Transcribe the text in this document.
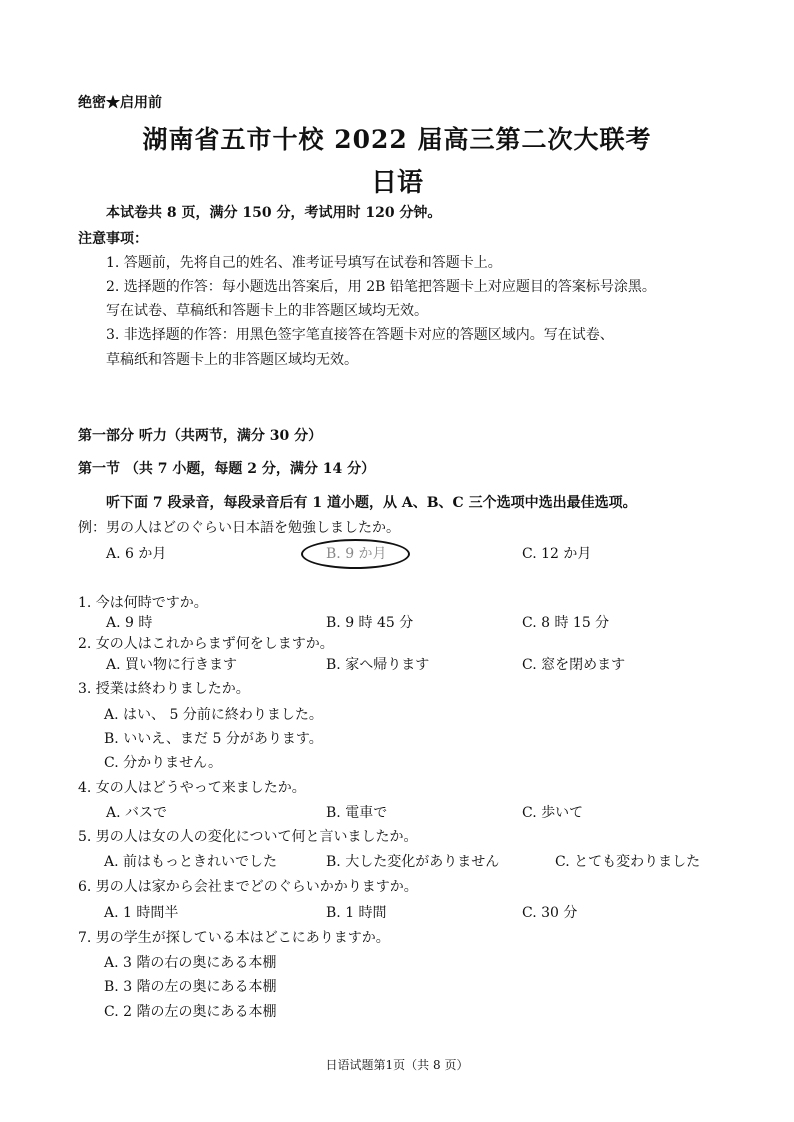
绝密★启用前
湖南省五市十校 2022 届高三第二次大联考
日语
本试卷共 8 页，满分 150 分，考试用时 120 分钟。
注意事项：
1. 答题前，先将自己的姓名、准考证号填写在试卷和答题卡上。
2. 选择题的作答：每小题选出答案后，用 2B 铅笔把答题卡上对应题目的答案标号涂黑。
写在试卷、草稿纸和答题卡上的非答题区域均无效。
3. 非选择题的作答：用黑色签字笔直接答在答题卡对应的答题区域内。写在试卷、
草稿纸和答题卡上的非答题区域均无效。
第一部分 听力（共两节，满分 30 分）
第一节 （共 7 小题，每题 2 分，满分 14 分）
听下面 7 段录音，每段录音后有 1 道小题，从 A、B、C 三个选项中选出最佳选项。
例：男の人はどのぐらい日本語を勉強しましたか。
A. 6 か月	B. 9 か月	C. 12 か月
1. 今は何時ですか。
A. 9 時	B. 9 時 45 分	C. 8 時 15 分
2. 女の人はこれからまず何をしますか。
A. 買い物に行きます	B. 家へ帰ります	C. 窓を閉めます
3. 授業は終わりましたか。
A. はい、 5 分前に終わりました。
B. いいえ、まだ 5 分があります。
C. 分かりません。
4. 女の人はどうやって来ましたか。
A. バスで	B. 電車で	C. 歩いて
5. 男の人は女の人の変化について何と言いましたか。
A. 前はもっときれいでした	B. 大した変化がありません	C. とても変わりました
6. 男の人は家から会社までどのぐらいかかりますか。
A. 1 時間半	B. 1 時間	C. 30 分
7. 男の学生が探している本はどこにありますか。
A. 3 階の右の奥にある本棚
B. 3 階の左の奥にある本棚
C. 2 階の左の奥にある本棚
日语试题第1页（共 8 页）
